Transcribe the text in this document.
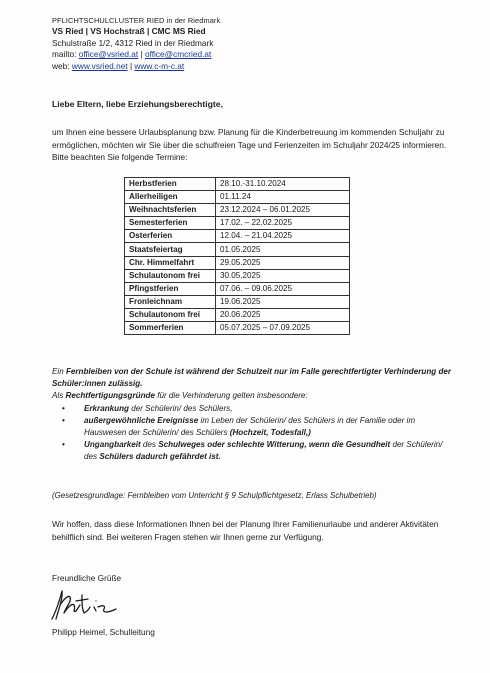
PFLICHTSCHULCLUSTER RIED in der Riedmark
VS Ried | VS Hochstraß | CMC MS Ried
Schulstraße 1/2, 4312 Ried in der Riedmark
mailto: office@vsried.at | office@cmcried.at
web: www.vsried.net | www.c-m-c.at
Liebe Eltern, liebe Erziehungsberechtigte,
um Ihnen eine bessere Urlaubsplanung bzw. Planung für die Kinderbetreuung im kommenden Schuljahr zu ermöglichen, möchten wir Sie über die schulfreien Tage und Ferienzeiten im Schuljahr 2024/25 informieren. Bitte beachten Sie folgende Termine:
Herbstferien	28.10.-31.10.2024
Allerheiligen	01.11.24
Weihnachtsferien	23.12.2024 – 06.01.2025
Semesterferien	17.02. – 22.02.2025
Osterferien	12.04. – 21.04.2025
Staatsfeiertag	01.05.2025
Chr. Himmelfahrt	29.05.2025
Schulautonom frei	30.05.2025
Pfingstferien	07.06. – 09.06.2025
Fronleichnam	19.06.2025
Schulautonom frei	20.06.2025
Sommerferien	05.07.2025 – 07.09.2025
Ein Fernbleiben von der Schule ist während der Schulzeit nur im Falle gerechtfertigter Verhinderung der Schüler:innen zulässig.
Als Rechtfertigungsgründe für die Verhinderung gelten insbesondere:
• Erkrankung der Schülerin/ des Schülers,
• außergewöhnliche Ereignisse im Leben der Schülerin/ des Schülers in der Familie oder im Hauswesen der Schülerin/ des Schülers (Hochzeit, Todesfall,)
• Ungangbarkeit des Schulweges oder schlechte Witterung, wenn die Gesundheit der Schülerin/ des Schülers dadurch gefährdet ist.
(Gesetzesgrundlage: Fernbleiben vom Unterricht § 9 Schulpflichtgesetz, Erlass Schulbetrieb)
Wir hoffen, dass diese Informationen Ihnen bei der Planung Ihrer Familienurlaube und anderer Aktivitäten behilflich sind. Bei weiteren Fragen stehen wir Ihnen gerne zur Verfügung.
Freundliche Grüße
Philipp Heimel, Schulleitung
